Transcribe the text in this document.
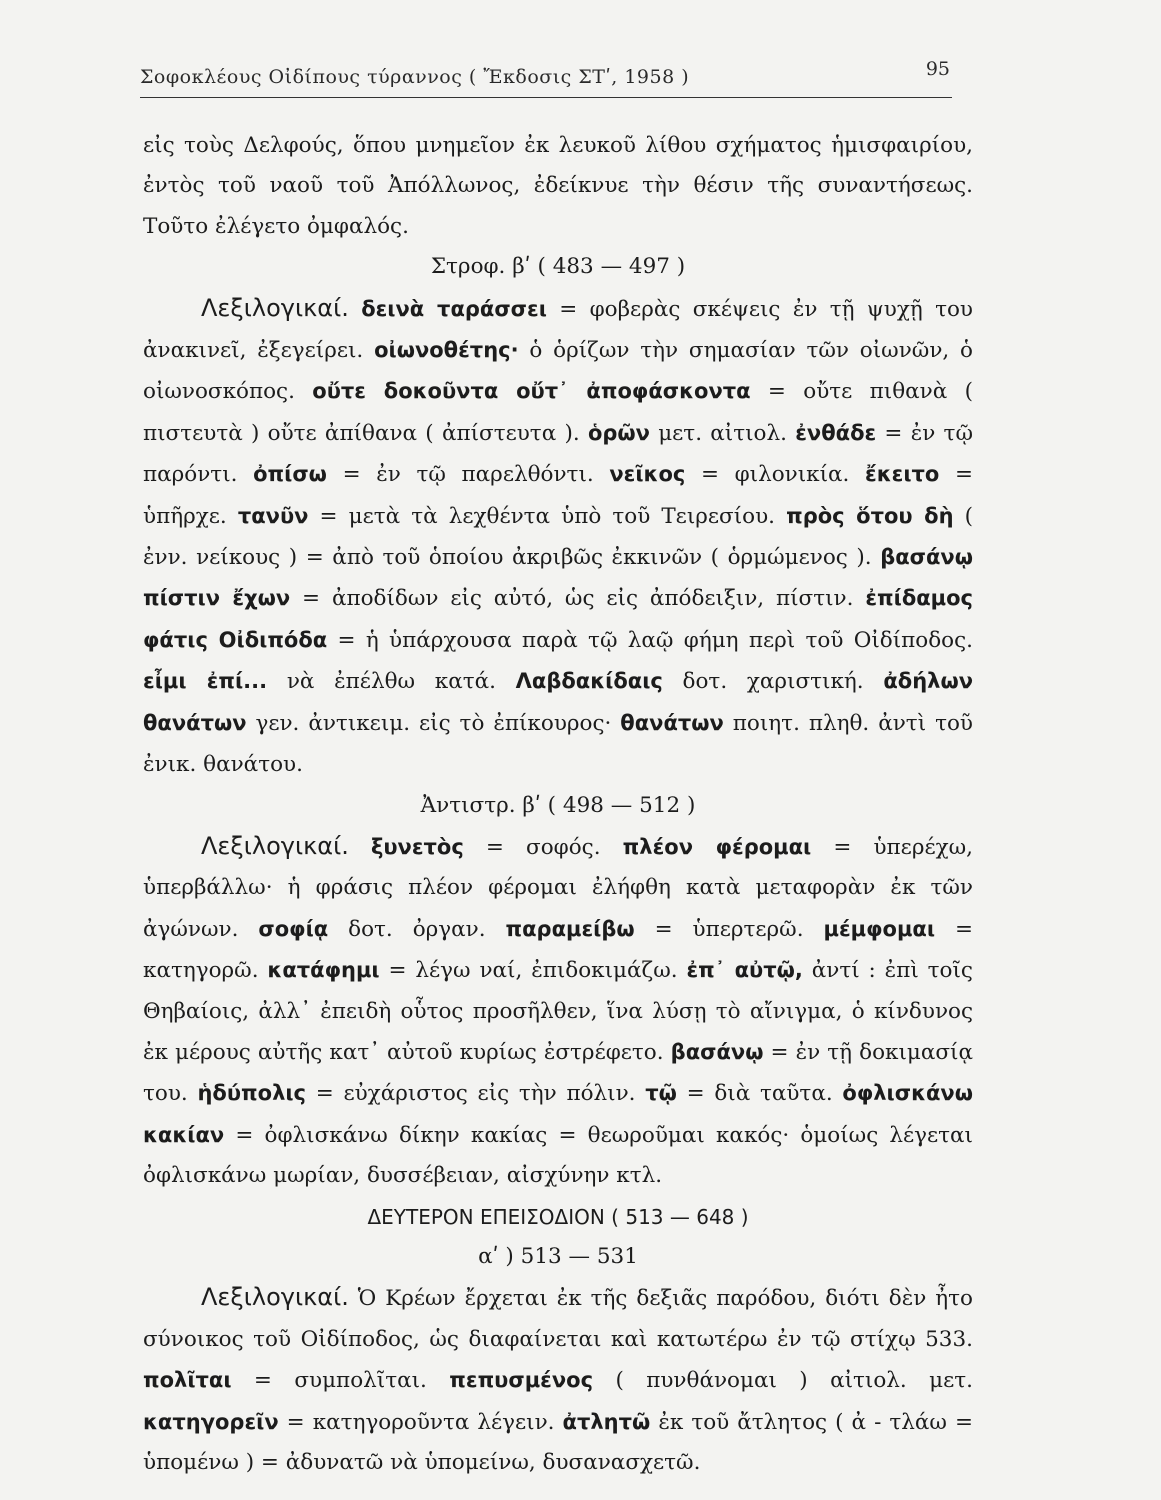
Σοφοκλέους Οἰδίπους τύραννος ( Ἔκδοσις ΣΤʹ, 1958 )	95

εἰς τοὺς Δελφούς, ὅπου μνημεῖον ἐκ λευκοῦ λίθου σχήματος ἡμισφαιρίου, ἐντὸς τοῦ ναοῦ τοῦ Ἀπόλλωνος, ἐδείκνυε τὴν θέσιν τῆς συναντήσεως. Τοῦτο ἐλέγετο ὀμφαλός.

Στροφ. βʹ ( 483 — 497 )

Λεξιλογικαί. δεινὰ ταράσσει = φοβερὰς σκέψεις ἐν τῇ ψυχῇ του ἀνακινεῖ, ἐξεγείρει. οἰωνοθέτης· ὁ ὁρίζων τὴν σημασίαν τῶν οἰωνῶν, ὁ οἰωνοσκόπος. οὔτε δοκοῦντα οὔτ᾽ ἀποφάσκοντα = οὔτε πιθανὰ ( πιστευτὰ ) οὔτε ἀπίθανα ( ἀπίστευτα ). ὁρῶν μετ. αἰτιολ. ἐνθάδε = ἐν τῷ παρόντι. ὀπίσω = ἐν τῷ παρελθόντι. νεῖκος = φιλονικία. ἔκειτο = ὑπῆρχε. τανῦν = μετὰ τὰ λεχθέντα ὑπὸ τοῦ Τειρεσίου. πρὸς ὅτου δὴ ( ἐνν. νείκους ) = ἀπὸ τοῦ ὁποίου ἀκριβῶς ἐκκινῶν ( ὁρμώμενος ). βασάνῳ πίστιν ἔχων = ἀποδίδων εἰς αὐτό, ὡς εἰς ἀπόδειξιν, πίστιν. ἐπίδαμος φάτις Οἰδιπόδα = ἡ ὑπάρχουσα παρὰ τῷ λαῷ φήμη περὶ τοῦ Οἰδίποδος. εἶμι ἐπί... νὰ ἐπέλθω κατά. Λαβδακίδαις δοτ. χαριστική. ἀδήλων θανάτων γεν. ἀντικειμ. εἰς τὸ ἐπίκουρος· θανάτων ποιητ. πληθ. ἀντὶ τοῦ ἐνικ. θανάτου.

Ἀντιστρ. βʹ ( 498 — 512 )

Λεξιλογικαί. ξυνετὸς = σοφός. πλέον φέρομαι = ὑπερέχω, ὑπερβάλλω· ἡ φράσις πλέον φέρομαι ἐλήφθη κατὰ μεταφορὰν ἐκ τῶν ἀγώνων. σοφίᾳ δοτ. ὀργαν. παραμείβω = ὑπερτερῶ. μέμφομαι = κατηγορῶ. κατάφημι = λέγω ναί, ἐπιδοκιμάζω. ἐπ᾽ αὐτῷ, ἀντί : ἐπὶ τοῖς Θηβαίοις, ἀλλ᾽ ἐπειδὴ οὗτος προσῆλθεν, ἵνα λύσῃ τὸ αἴνιγμα, ὁ κίνδυνος ἐκ μέρους αὐτῆς κατ᾽ αὐτοῦ κυρίως ἐστρέφετο. βασάνῳ = ἐν τῇ δοκιμασίᾳ του. ἡδύπολις = εὐχάριστος εἰς τὴν πόλιν. τῷ = διὰ ταῦτα. ὀφλισκάνω κακίαν = ὀφλισκάνω δίκην κακίας = θεωροῦμαι κακός· ὁμοίως λέγεται ὀφλισκάνω μωρίαν, δυσσέβειαν, αἰσχύνην κτλ.

ΔΕΥΤΕΡΟΝ ΕΠΕΙΣΟΔΙΟΝ ( 513 — 648 )

αʹ ) 513 — 531

Λεξιλογικαί. Ὁ Κρέων ἔρχεται ἐκ τῆς δεξιᾶς παρόδου, διότι δὲν ἦτο σύνοικος τοῦ Οἰδίποδος, ὡς διαφαίνεται καὶ κατωτέρω ἐν τῷ στίχῳ 533. πολῖται = συμπολῖται. πεπυσμένος ( πυνθάνομαι ) αἰτιολ. μετ. κατηγορεῖν = κατηγοροῦντα λέγειν. ἀτλητῶ ἐκ τοῦ ἄτλητος ( ἀ - τλάω = ὑπομένω ) = ἀδυνατῶ νὰ ὑπομείνω, δυσανασχετῶ.
